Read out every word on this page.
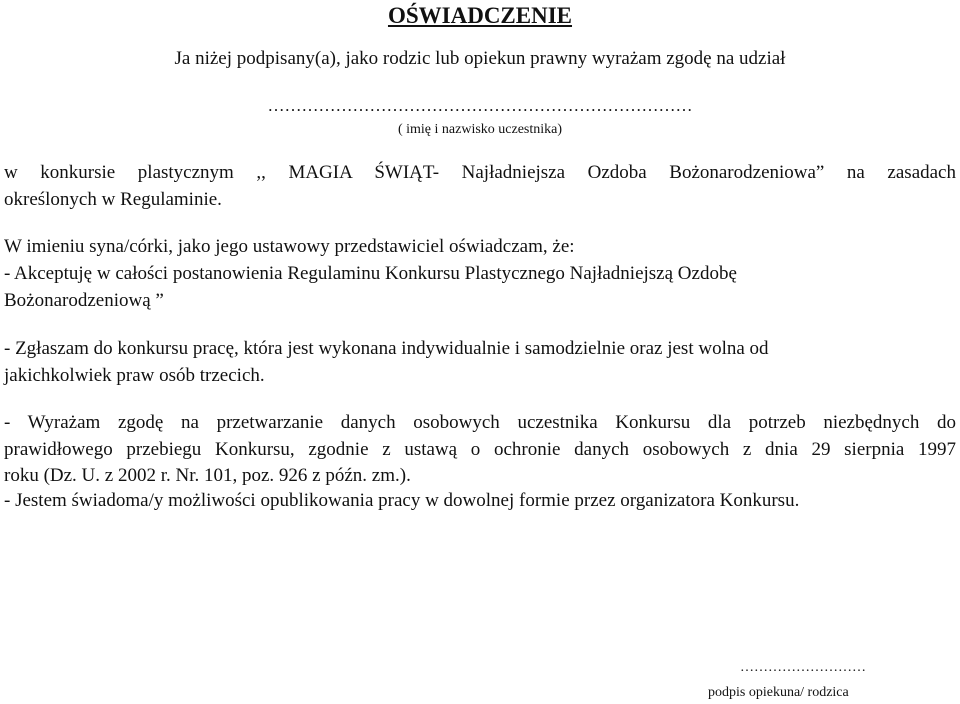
OŚWIADCZENIE
Ja niżej podpisany(a), jako rodzic lub opiekun prawny wyrażam zgodę na udział
…………………………………………………………………
( imię i nazwisko uczestnika)
w konkursie plastycznym ,, MAGIA ŚWIĄT- Najładniejsza Ozdoba Bożonarodzeniowa” na zasadach
określonych w Regulaminie.
W imieniu syna/córki, jako jego ustawowy przedstawiciel oświadczam, że:
- Akceptuję w całości postanowienia Regulaminu Konkursu Plastycznego Najładniejszą Ozdobę
Bożonarodzeniową ”
- Zgłaszam do konkursu pracę, która jest wykonana indywidualnie i samodzielnie oraz jest wolna od
jakichkolwiek praw osób trzecich.
- Wyrażam zgodę na przetwarzanie danych osobowych uczestnika Konkursu dla potrzeb niezbędnych do
prawidłowego przebiegu Konkursu, zgodnie z ustawą o ochronie danych osobowych z dnia 29 sierpnia 1997
roku (Dz. U. z 2002 r. Nr. 101, poz. 926 z późn. zm.).
- Jestem świadoma/y możliwości opublikowania pracy w dowolnej formie przez organizatora Konkursu.
………………………
podpis opiekuna/ rodzica
